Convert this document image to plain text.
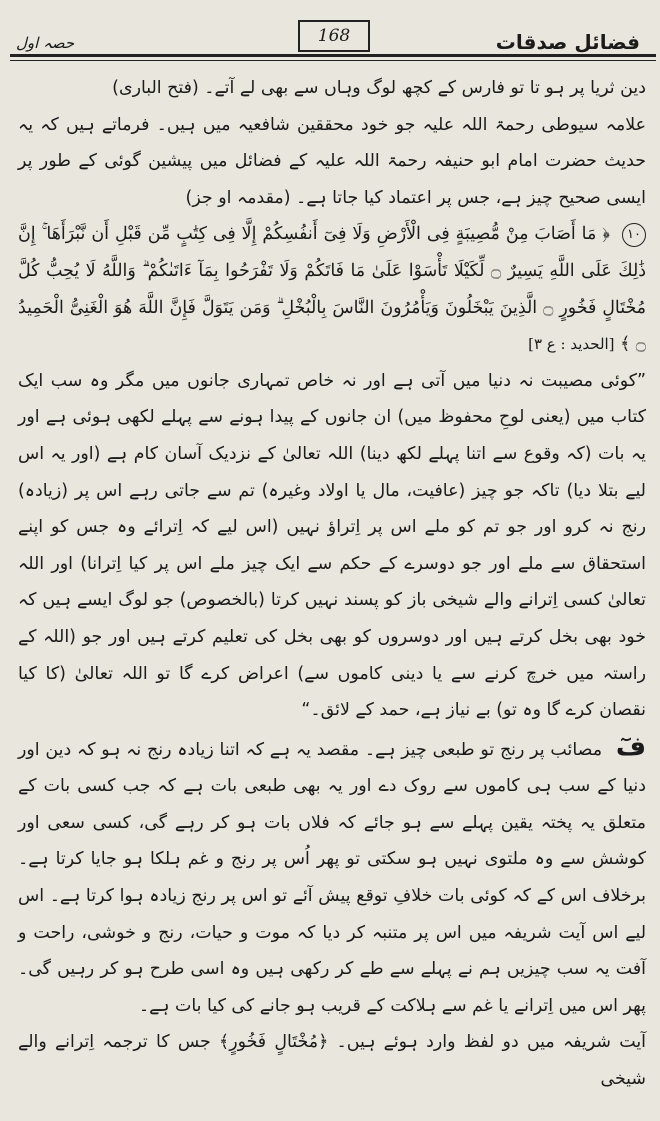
فضائل صدقات
168
حصہ اول

دین ثریا پر ہو تا تو فارس کے کچھ لوگ وہاں سے بھی لے آتے۔ (فتح الباری)

علامہ سیوطی رحمۃ اللہ علیہ جو خود محققین شافعیہ میں ہیں۔ فرماتے ہیں کہ یہ حدیث حضرت امام ابو حنیفہ رحمۃ اللہ علیہ کے فضائل میں پیشین گوئی کے طور پر ایسی صحیح چیز ہے، جس پر اعتماد کیا جاتا ہے۔ (مقدمہ او جز)

١٠ ﴿ مَا أَصَابَ مِنْ مُّصِيبَةٍ فِى الْأَرْضِ وَلَا فِىٓ أَنفُسِكُمْ إِلَّا فِى كِتَٰبٍ مِّن قَبْلِ أَن نَّبْرَأَهَا ۚ إِنَّ ذَٰلِكَ عَلَى اللَّهِ يَسِيرٌ ۝ لِّكَيْلَا تَأْسَوْا عَلَىٰ مَا فَاتَكُمْ وَلَا تَفْرَحُوا بِمَآ ءَاتَىٰكُمْ ۗ وَاللَّهُ لَا يُحِبُّ كُلَّ مُخْتَالٍ فَخُورٍ ۝ الَّذِينَ يَبْخَلُونَ وَيَأْمُرُونَ النَّاسَ بِالْبُخْلِ ۗ وَمَن يَتَوَلَّ فَإِنَّ اللَّهَ هُوَ الْغَنِىُّ الْحَمِيدُ ۝ ﴾ [الحدید : ع ٣]

”کوئی مصیبت نہ دنیا میں آتی ہے اور نہ خاص تمہاری جانوں میں مگر وہ سب ایک کتاب میں (یعنی لوحِ محفوظ میں) ان جانوں کے پیدا ہونے سے پہلے لکھی ہوئی ہے اور یہ بات (کہ وقوع سے اتنا پہلے لکھ دینا) اللہ تعالیٰ کے نزدیک آسان کام ہے (اور یہ اس لیے بتلا دیا) تاکہ جو چیز (عافیت، مال یا اولاد وغیرہ) تم سے جاتی رہے اس پر (زیادہ) رنج نہ کرو اور جو تم کو ملے اس پر اِتراؤ نہیں (اس لیے کہ اِترائے وہ جس کو اپنے استحقاق سے ملے اور جو دوسرے کے حکم سے ایک چیز ملے اس پر کیا اِترانا) اور اللہ تعالیٰ کسی اِترانے والے شیخی باز کو پسند نہیں کرتا (بالخصوص) جو لوگ ایسے ہیں کہ خود بھی بخل کرتے ہیں اور دوسروں کو بھی بخل کی تعلیم کرتے ہیں اور جو (اللہ کے راستہ میں خرچ کرنے سے یا دینی کاموں سے) اعراض کرے گا تو اللہ تعالیٰ (کا کیا نقصان کرے گا وہ تو) بے نیاز ہے، حمد کے لائق۔“

فٓ مصائب پر رنج تو طبعی چیز ہے۔ مقصد یہ ہے کہ اتنا زیادہ رنج نہ ہو کہ دین اور دنیا کے سب ہی کاموں سے روک دے اور یہ بھی طبعی بات ہے کہ جب کسی بات کے متعلق یہ پختہ یقین پہلے سے ہو جائے کہ فلاں بات ہو کر رہے گی، کسی سعی اور کوشش سے وہ ملتوی نہیں ہو سکتی تو پھر اُس پر رنج و غم ہلکا ہو جایا کرتا ہے۔ برخلاف اس کے کہ کوئی بات خلافِ توقع پیش آئے تو اس پر رنج زیادہ ہوا کرتا ہے۔ اس لیے اس آیت شریفہ میں اس پر متنبہ کر دیا کہ موت و حیات، رنج و خوشی، راحت و آفت یہ سب چیزیں ہم نے پہلے سے طے کر رکھی ہیں وہ اسی طرح ہو کر رہیں گی۔ پھر اس میں اِترانے یا غم سے ہلاکت کے قریب ہو جانے کی کیا بات ہے۔

آیت شریفہ میں دو لفظ وارد ہوئے ہیں۔ ﴿مُخْتَالٍ فَخُورٍ﴾ جس کا ترجمہ اِترانے والے شیخی
